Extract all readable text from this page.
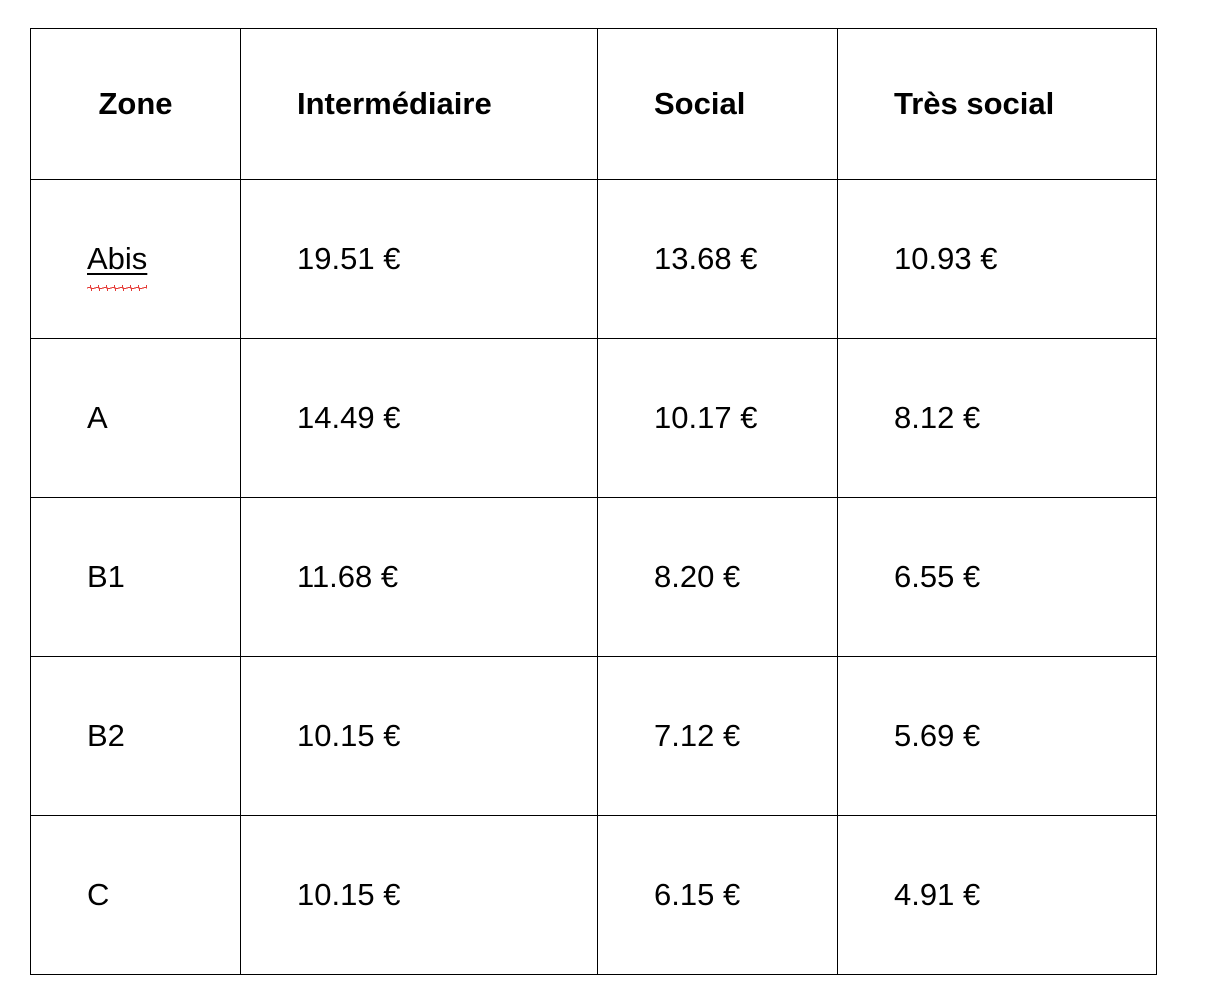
Zone	Intermédiaire	Social	Très social
Abis	19.51 €	13.68 €	10.93 €
A	14.49 €	10.17 €	8.12 €
B1	11.68 €	8.20 €	6.55 €
B2	10.15 €	7.12 €	5.69 €
C	10.15 €	6.15 €	4.91 €
